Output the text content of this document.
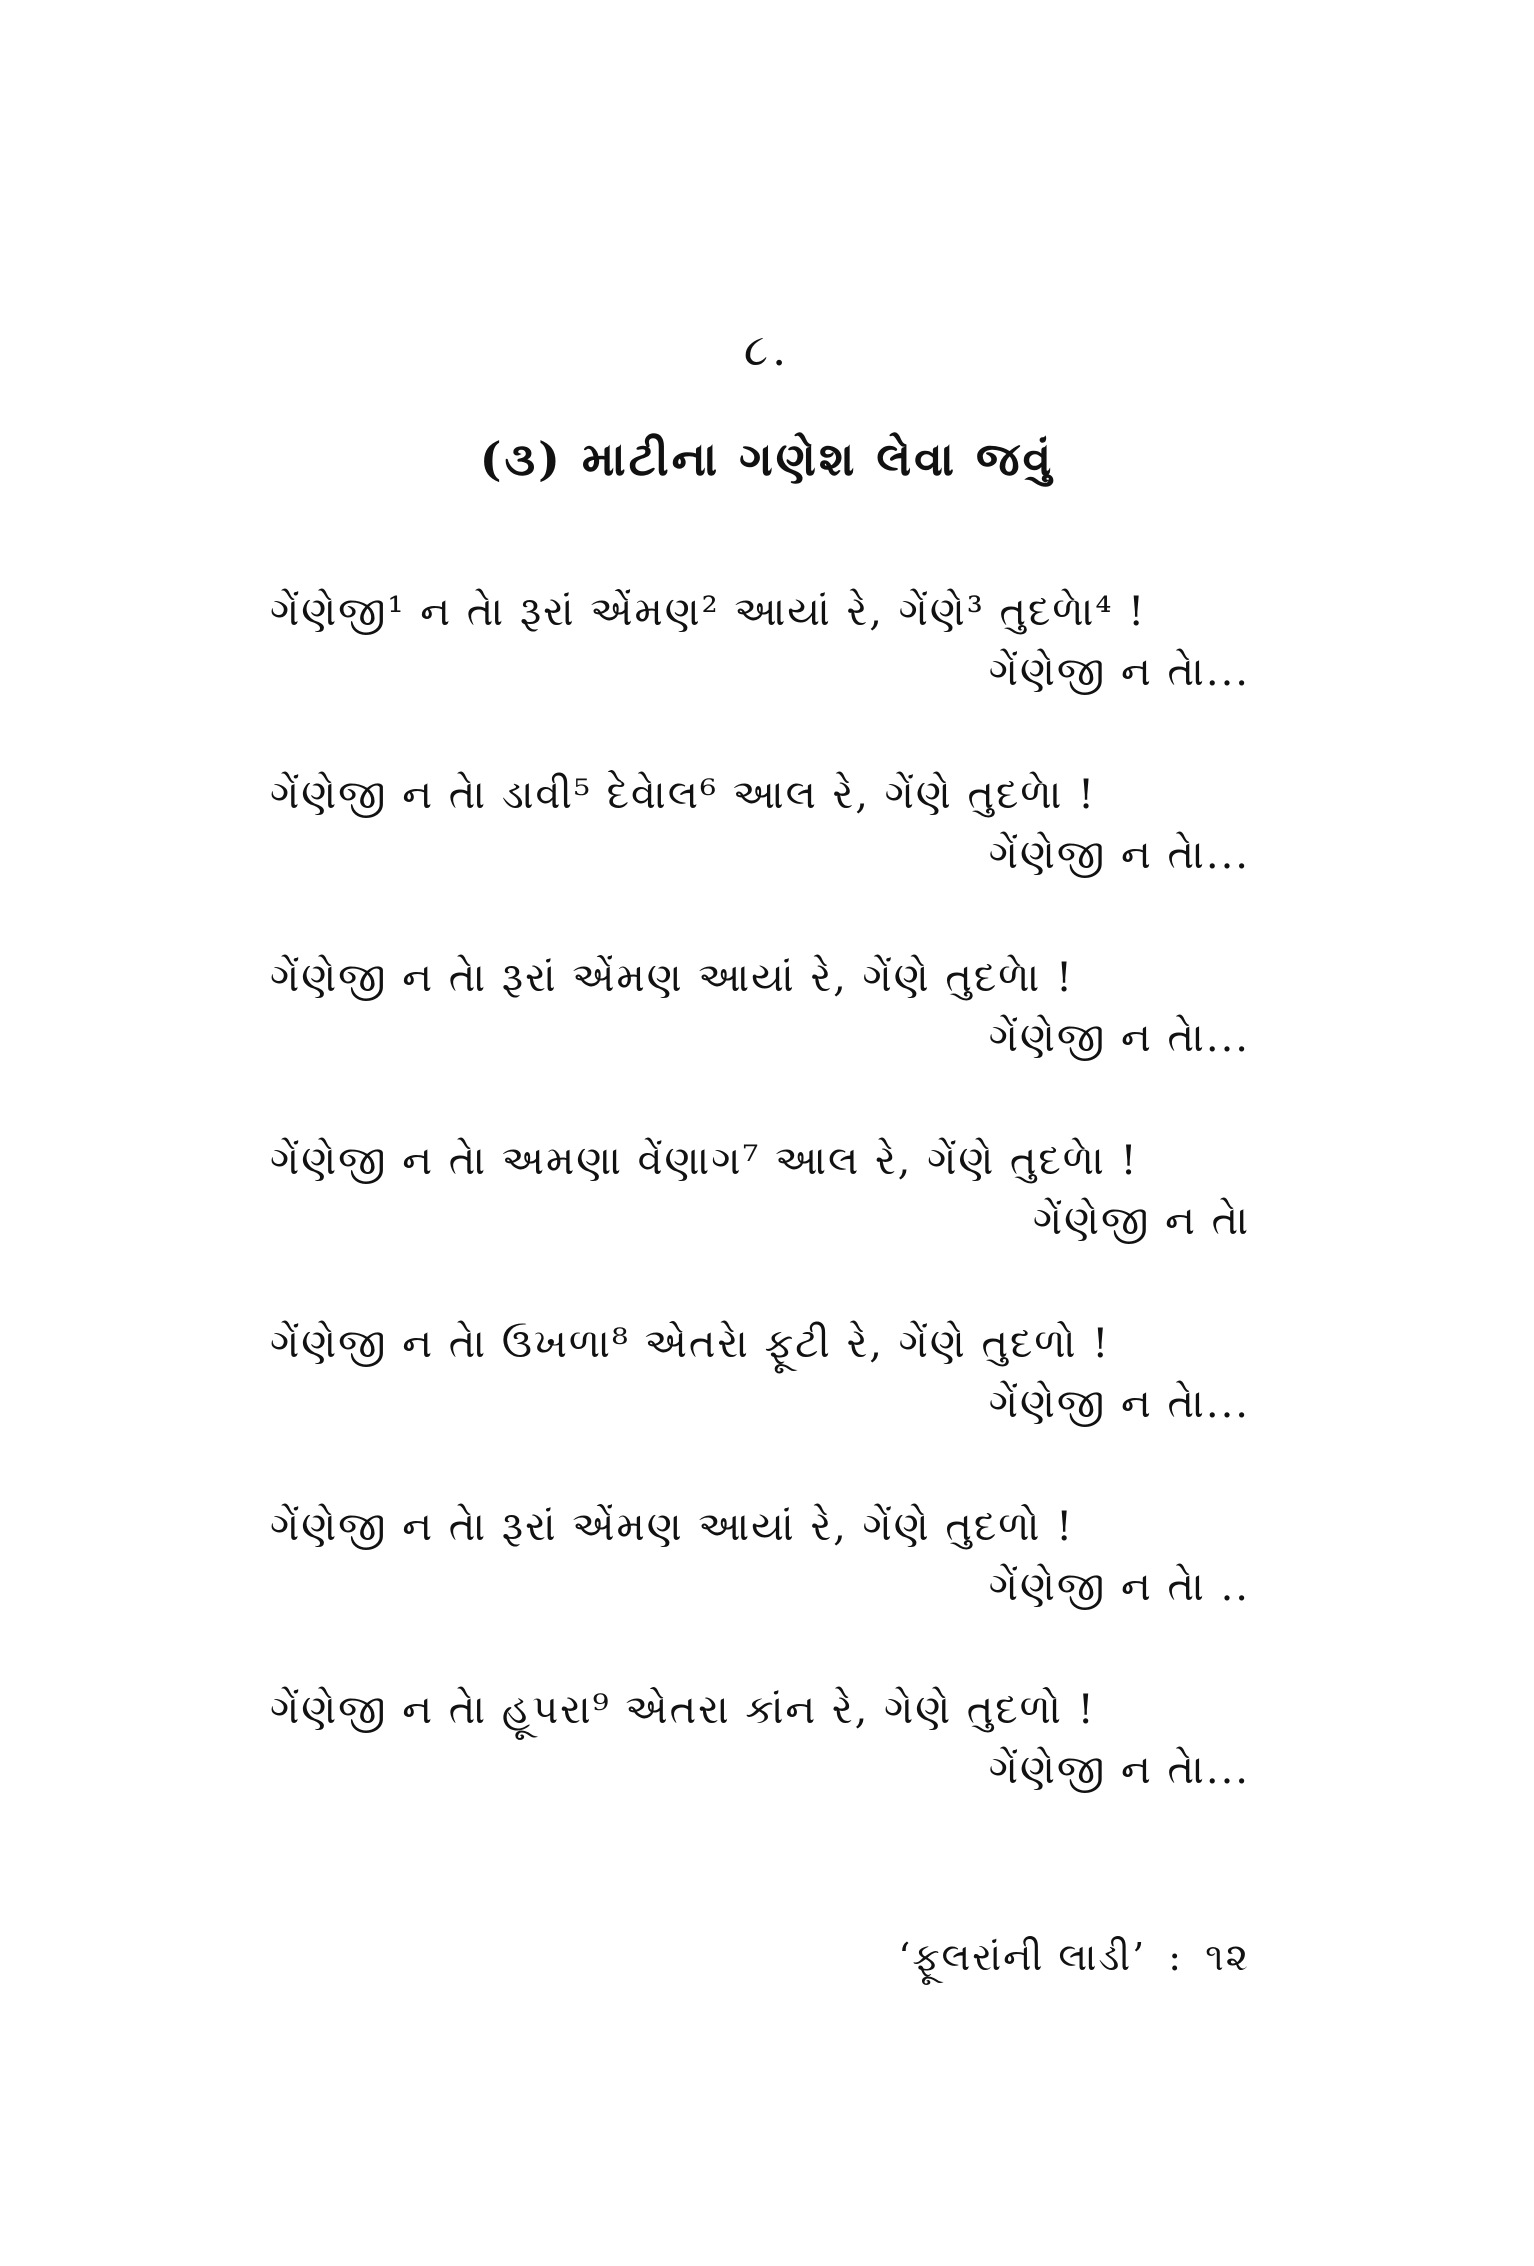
૮.
(૩) માટીના ગણેશ લેવા જવું
ગેંણેજી¹ ન તેા રૂરાં એંમણ² આયાં રે, ગેંણે³ તુદળેા⁴ !
ગેંણેજી ન તેા...
ગેંણેજી ન તેા ડાવી⁵ દેવેાલ⁶ આલ રે, ગેંણે તુદળેા !
ગેંણેજી ન તેા...
ગેંણેજી ન તેા રૂરાં એંમણ આયાં રે, ગેંણે તુદળેા !
ગેંણેજી ન તેા...
ગેંણેજી ન તેા અમણા વેંણાગ⁷ આલ રે, ગેંણે તુદળેા !
ગેંણેજી ન તેા
ગેંણેજી ન તેા ઉખળા⁸ એતરેા ફૂટી રે, ગેંણે તુદળો !
ગેંણેજી ન તેા...
ગેંણેજી ન તેા રૂરાં એંમણ આયાં રે, ગેંણે તુદળો !
ગેંણેજી ન તેા ..
ગેંણેજી ન તેા હૂપરા⁹ એતરા કાંન રે, ગેણે તુદળો !
ગેંણેજી ન તેા...
‘ફૂલરાંની લાડી’ : ૧૨
